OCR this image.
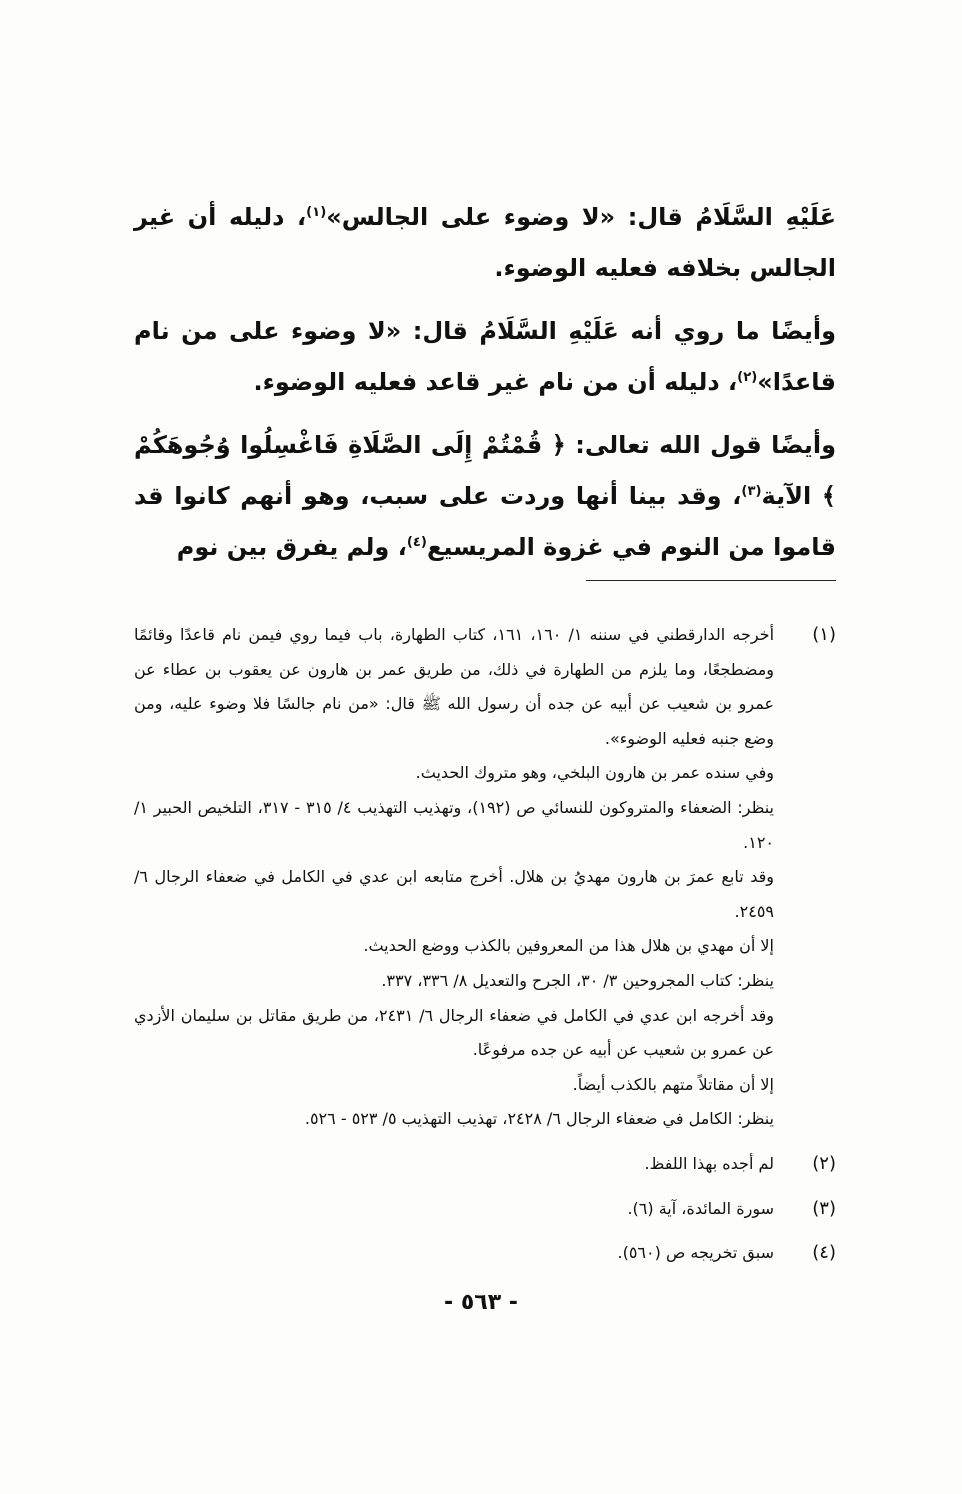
عَلَيْهِ السَّلَامُ قال: «لا وضوء على الجالس»$^{(١)}$، دليله أن غير الجالس بخلافه فعليه الوضوء.

وأيضًا ما روي أنه عَلَيْهِ السَّلَامُ قال: «لا وضوء على من نام قاعدًا»$^{(٢)}$، دليله أن من نام غير قاعد فعليه الوضوء.

وأيضًا قول الله تعالى: ﴿ قُمْتُمْ إِلَى الصَّلَاةِ فَاغْسِلُوا وُجُوهَكُمْ ﴾ الآية$^{(٣)}$، وقد بينا أنها وردت على سبب، وهو أنهم كانوا قد قاموا من النوم في غزوة المريسيع$^{(٤)}$، ولم يفرق بين نوم

(١)
أخرجه الدارقطني في سننه ١/ ١٦٠، ١٦١، كتاب الطهارة، باب فيما روي فيمن نام قاعدًا وقائمًا ومضطجعًا، وما يلزم من الطهارة في ذلك، من طريق عمر بن هارون عن يعقوب بن عطاء عن عمرو بن شعيب عن أبيه عن جده أن رسول الله ﷺ قال: «من نام جالسًا فلا وضوء عليه، ومن وضع جنبه فعليه الوضوء».
وفي سنده عمر بن هارون البلخي، وهو متروك الحديث.
ينظر: الضعفاء والمتروكون للنسائي ص (١٩٢)، وتهذيب التهذيب ٤/ ٣١٥ - ٣١٧، التلخيص الحبير ١/ ١٢٠.
وقد تابع عمرَ بن هارون مهديُ بن هلال. أخرج متابعه ابن عدي في الكامل في ضعفاء الرجال ٦/ ٢٤٥٩.
إلا أن مهدي بن هلال هذا من المعروفين بالكذب ووضع الحديث.
ينظر: كتاب المجروحين ٣/ ٣٠، الجرح والتعديل ٨/ ٣٣٦، ٣٣٧.
وقد أخرجه ابن عدي في الكامل في ضعفاء الرجال ٦/ ٢٤٣١، من طريق مقاتل بن سليمان الأزدي عن عمرو بن شعيب عن أبيه عن جده مرفوعًا.
إلا أن مقاتلاً متهم بالكذب أيضاً.
ينظر: الكامل في ضعفاء الرجال ٦/ ٢٤٢٨، تهذيب التهذيب ٥/ ٥٢٣ - ٥٢٦.
(٢)
لم أجده بهذا اللفظ.
(٣)
سورة المائدة، آية (٦).
(٤)
سبق تخريجه ص (٥٦٠).
- ٥٦٣ -
